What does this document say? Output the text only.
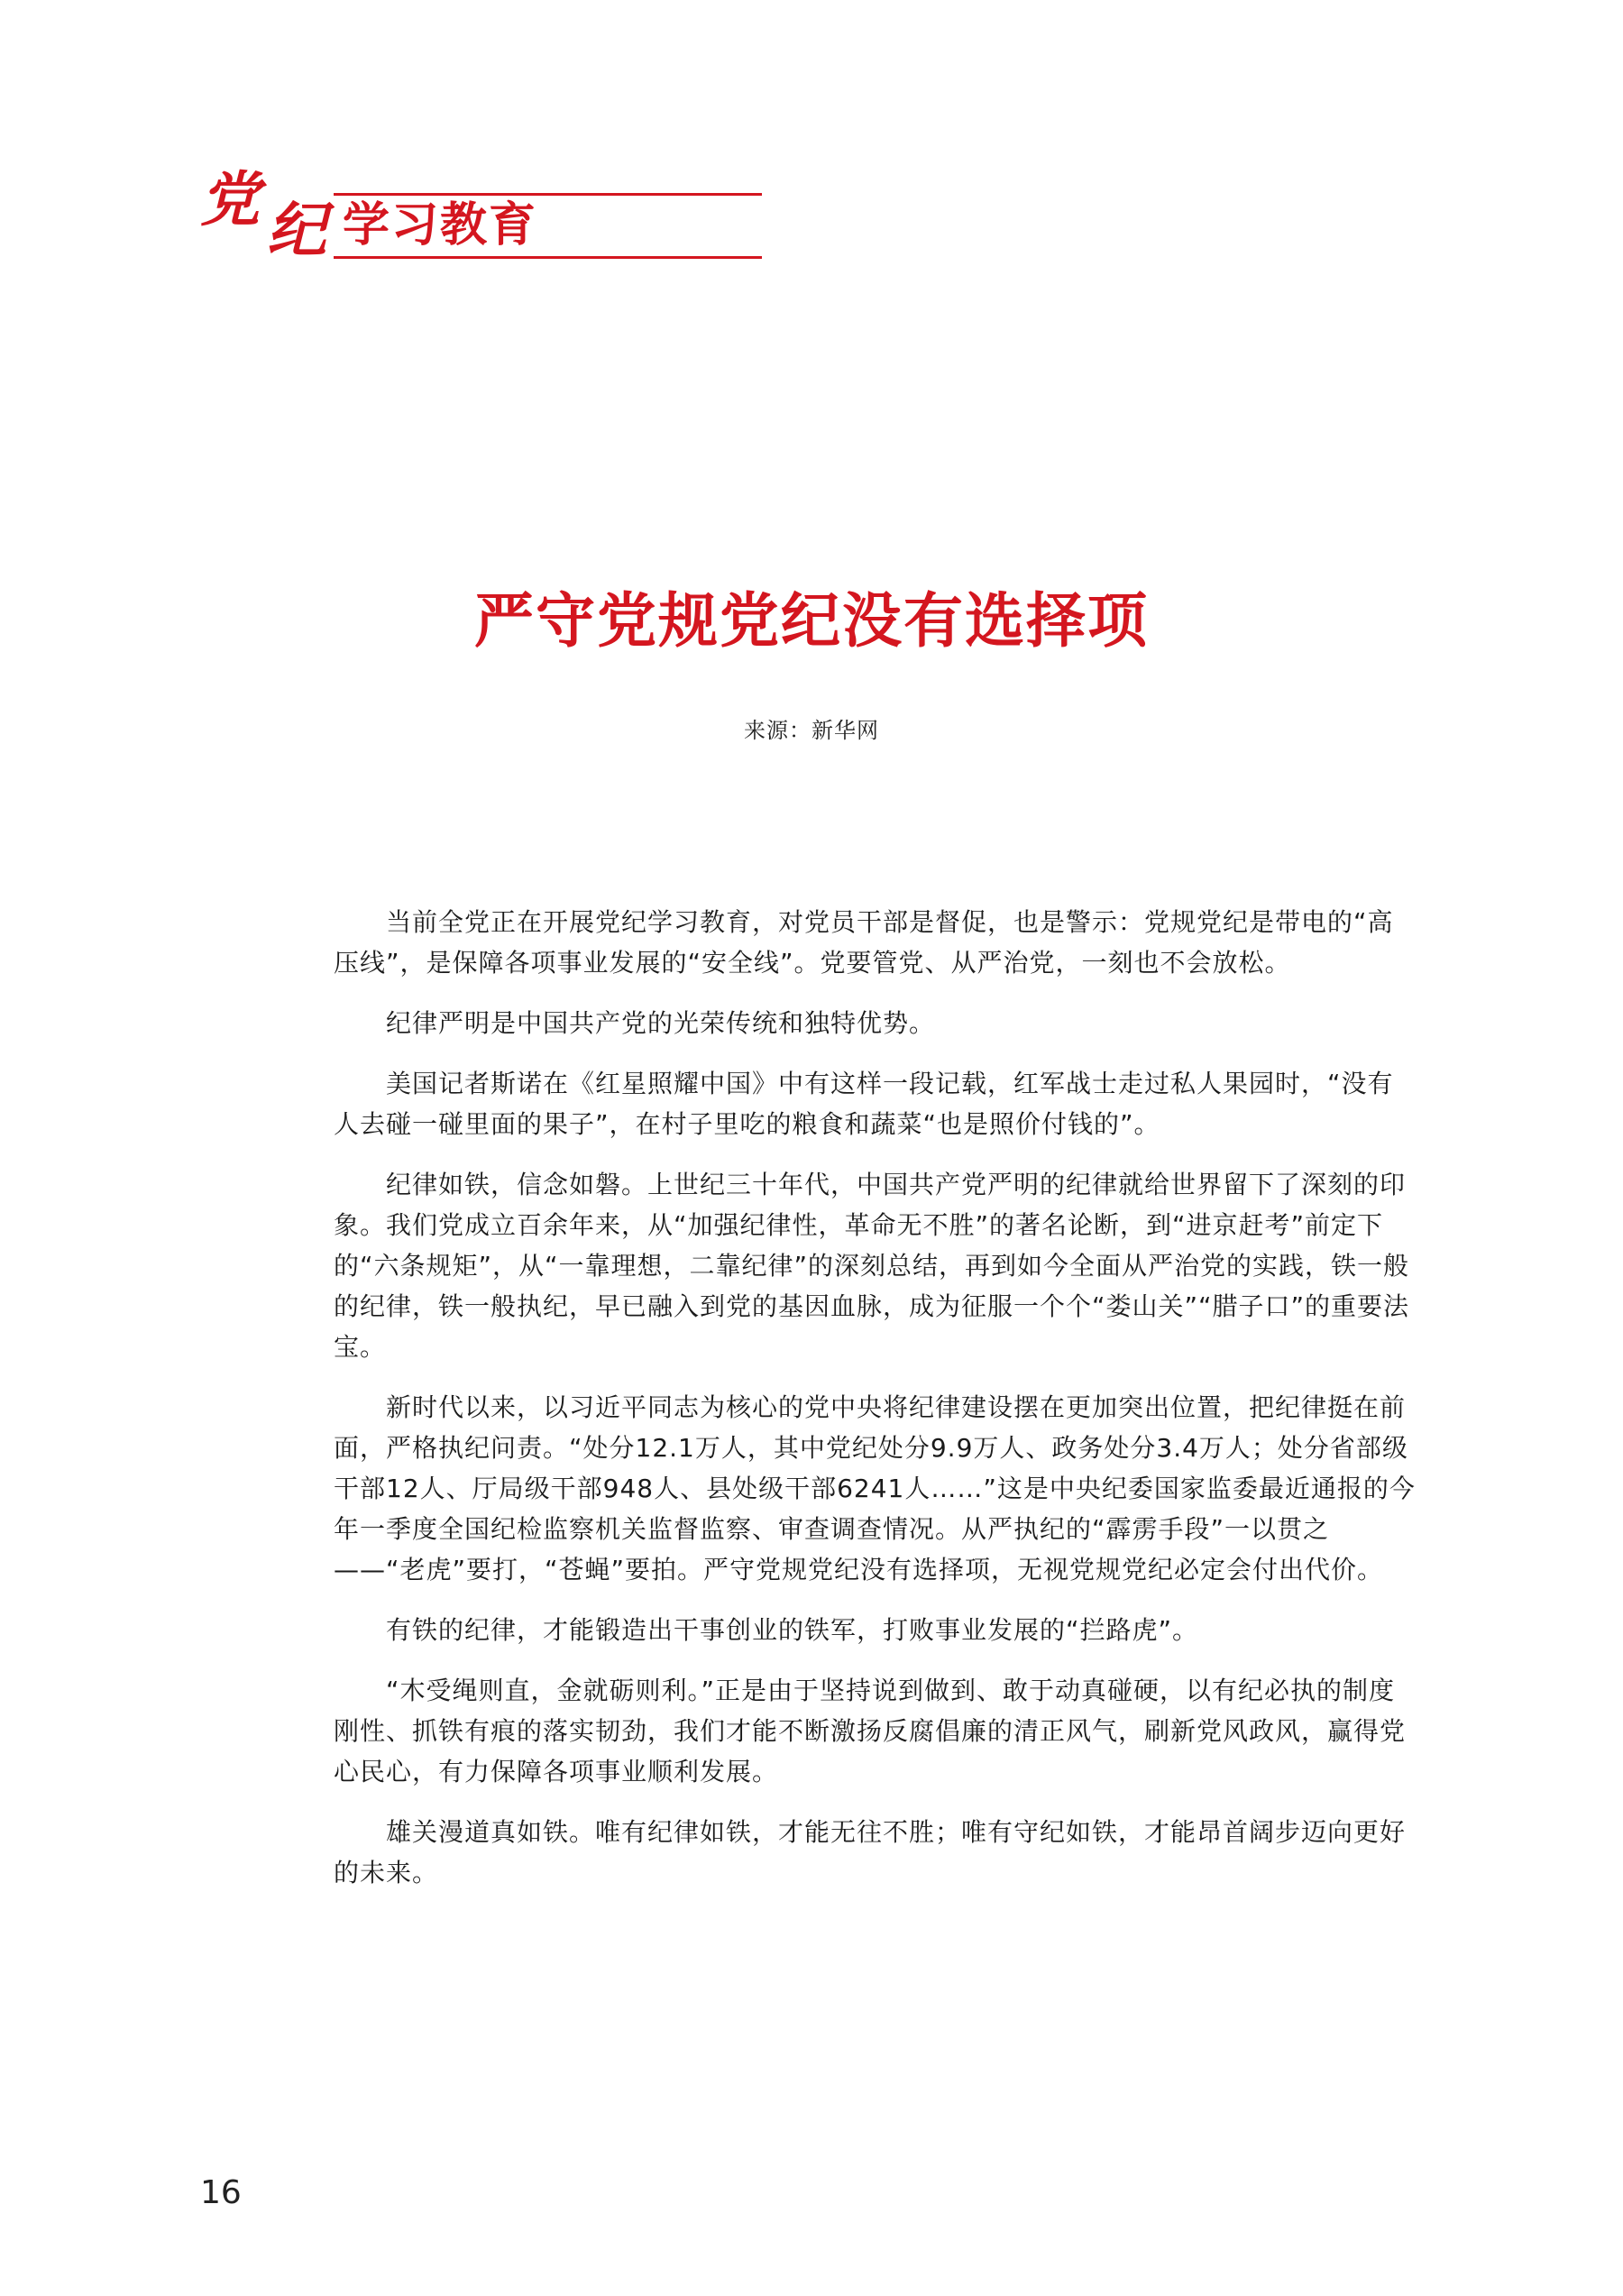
党 纪 学习教育
严守党规党纪没有选择项
来源：新华网

当前全党正在开展党纪学习教育，对党员干部是督促，也是警示：党规党纪是带电的“高压线”，是保障各项事业发展的“安全线”。党要管党、从严治党，一刻也不会放松。

纪律严明是中国共产党的光荣传统和独特优势。

美国记者斯诺在《红星照耀中国》中有这样一段记载，红军战士走过私人果园时，“没有人去碰一碰里面的果子”，在村子里吃的粮食和蔬菜“也是照价付钱的”。

纪律如铁，信念如磐。上世纪三十年代，中国共产党严明的纪律就给世界留下了深刻的印象。我们党成立百余年来，从“加强纪律性，革命无不胜”的著名论断，到“进京赶考”前定下的“六条规矩”，从“一靠理想，二靠纪律”的深刻总结，再到如今全面从严治党的实践，铁一般的纪律，铁一般执纪，早已融入到党的基因血脉，成为征服一个个“娄山关”“腊子口”的重要法宝。

新时代以来，以习近平同志为核心的党中央将纪律建设摆在更加突出位置，把纪律挺在前面，严格执纪问责。“处分12.1万人，其中党纪处分9.9万人、政务处分3.4万人；处分省部级干部12人、厅局级干部948人、县处级干部6241人……”这是中央纪委国家监委最近通报的今年一季度全国纪检监察机关监督监察、审查调查情况。从严执纪的“霹雳手段”一以贯之——“老虎”要打，“苍蝇”要拍。严守党规党纪没有选择项，无视党规党纪必定会付出代价。

有铁的纪律，才能锻造出干事创业的铁军，打败事业发展的“拦路虎”。

“木受绳则直，金就砺则利。”正是由于坚持说到做到、敢于动真碰硬，以有纪必执的制度刚性、抓铁有痕的落实韧劲，我们才能不断激扬反腐倡廉的清正风气，刷新党风政风，赢得党心民心，有力保障各项事业顺利发展。

雄关漫道真如铁。唯有纪律如铁，才能无往不胜；唯有守纪如铁，才能昂首阔步迈向更好的未来。

16
